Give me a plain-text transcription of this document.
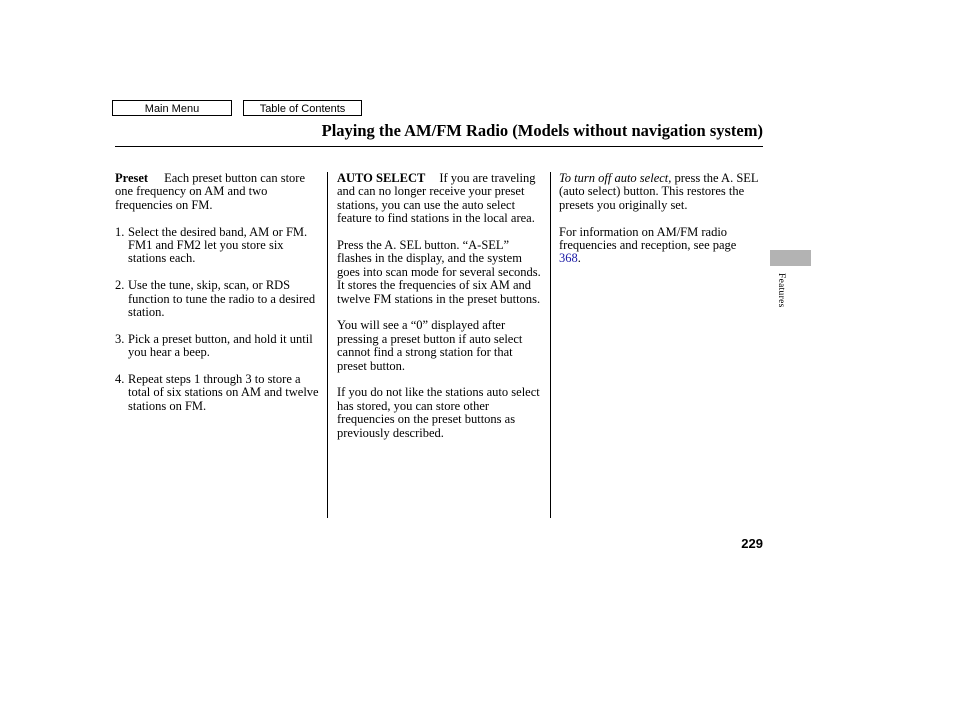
Main Menu	Table of Contents
Playing the AM/FM Radio (Models without navigation system)

Preset Each preset button can store one frequency on AM and two frequencies on FM.

1. Select the desired band, AM or FM. FM1 and FM2 let you store six stations each.
2. Use the tune, skip, scan, or RDS function to tune the radio to a desired station.
3. Pick a preset button, and hold it until you hear a beep.
4. Repeat steps 1 through 3 to store a total of six stations on AM and twelve stations on FM.

AUTO SELECT If you are traveling and can no longer receive your preset stations, you can use the auto select feature to find stations in the local area.

Press the A. SEL button. “A-SEL” flashes in the display, and the system goes into scan mode for several seconds. It stores the frequencies of six AM and twelve FM stations in the preset buttons.

You will see a “0” displayed after pressing a preset button if auto select cannot find a strong station for that preset button.

If you do not like the stations auto select has stored, you can store other frequencies on the preset buttons as previously described.

To turn off auto select, press the A. SEL (auto select) button. This restores the presets you originally set.

For information on AM/FM radio frequencies and reception, see page 368.

Features
229
